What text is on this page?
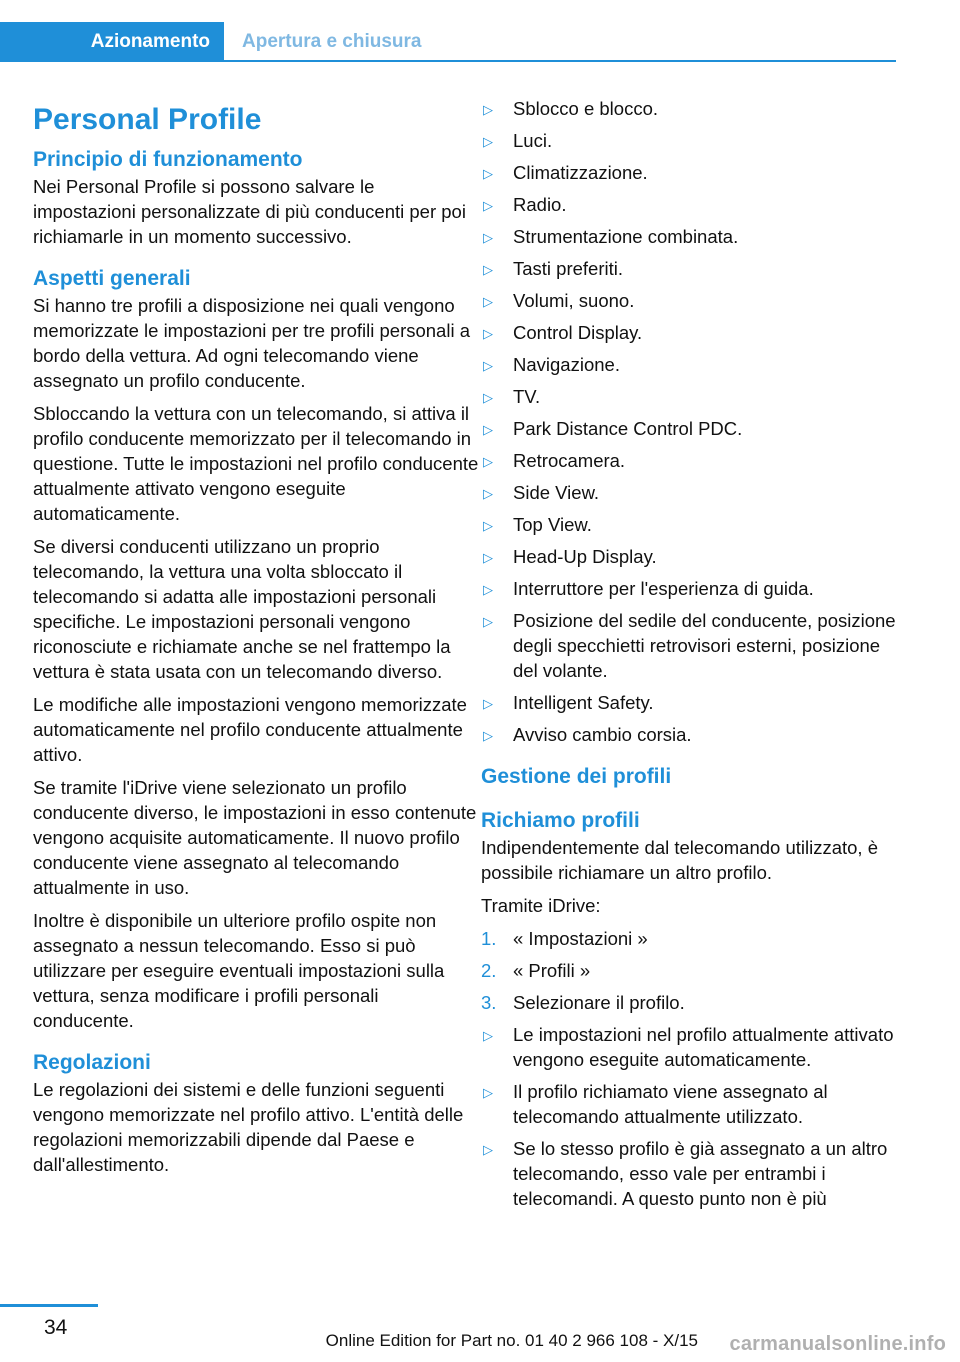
Azionamento	Apertura e chiusura
Personal Profile
Principio di funzionamento

Nei Personal Profile si possono salvare le impostazioni personalizzate di più conducenti per poi richiamarle in un momento successivo.

Aspetti generali

Si hanno tre profili a disposizione nei quali vengono memorizzate le impostazioni per tre profili personali a bordo della vettura. Ad ogni telecomando viene assegnato un profilo conducente.

Sbloccando la vettura con un telecomando, si attiva il profilo conducente memorizzato per il telecomando in questione. Tutte le impostazioni nel profilo conducente attualmente attivato vengono eseguite automaticamente.

Se diversi conducenti utilizzano un proprio telecomando, la vettura una volta sbloccato il telecomando si adatta alle impostazioni personali specifiche. Le impostazioni personali vengono riconosciute e richiamate anche se nel frattempo la vettura è stata usata con un telecomando diverso.

Le modifiche alle impostazioni vengono memorizzate automaticamente nel profilo conducente attualmente attivo.

Se tramite l'iDrive viene selezionato un profilo conducente diverso, le impostazioni in esso contenute vengono acquisite automaticamente. Il nuovo profilo conducente viene assegnato al telecomando attualmente in uso.

Inoltre è disponibile un ulteriore profilo ospite non assegnato a nessun telecomando. Esso si può utilizzare per eseguire eventuali impostazioni sulla vettura, senza modificare i profili personali conducente.

Regolazioni

Le regolazioni dei sistemi e delle funzioni seguenti vengono memorizzate nel profilo attivo. L'entità delle regolazioni memorizzabili dipende dal Paese e dall'allestimento.

▷ Sblocco e blocco.
▷ Luci.
▷ Climatizzazione.
▷ Radio.
▷ Strumentazione combinata.
▷ Tasti preferiti.
▷ Volumi, suono.
▷ Control Display.
▷ Navigazione.
▷ TV.
▷ Park Distance Control PDC.
▷ Retrocamera.
▷ Side View.
▷ Top View.
▷ Head-Up Display.
▷ Interruttore per l'esperienza di guida.
▷ Posizione del sedile del conducente, posizione degli specchietti retrovisori esterni, posizione del volante.
▷ Intelligent Safety.
▷ Avviso cambio corsia.
Gestione dei profili
Richiamo profili

Indipendentemente dal telecomando utilizzato, è possibile richiamare un altro profilo.

Tramite iDrive:

1. « Impostazioni »
2. « Profili »
3. Selezionare il profilo.
▷ Le impostazioni nel profilo attualmente attivato vengono eseguite automaticamente.
▷ Il profilo richiamato viene assegnato al telecomando attualmente utilizzato.
▷ Se lo stesso profilo è già assegnato a un altro telecomando, esso vale per entrambi i telecomandi. A questo punto non è più
34
Online Edition for Part no. 01 40 2 966 108 - X/15 carmanualsonline.info
